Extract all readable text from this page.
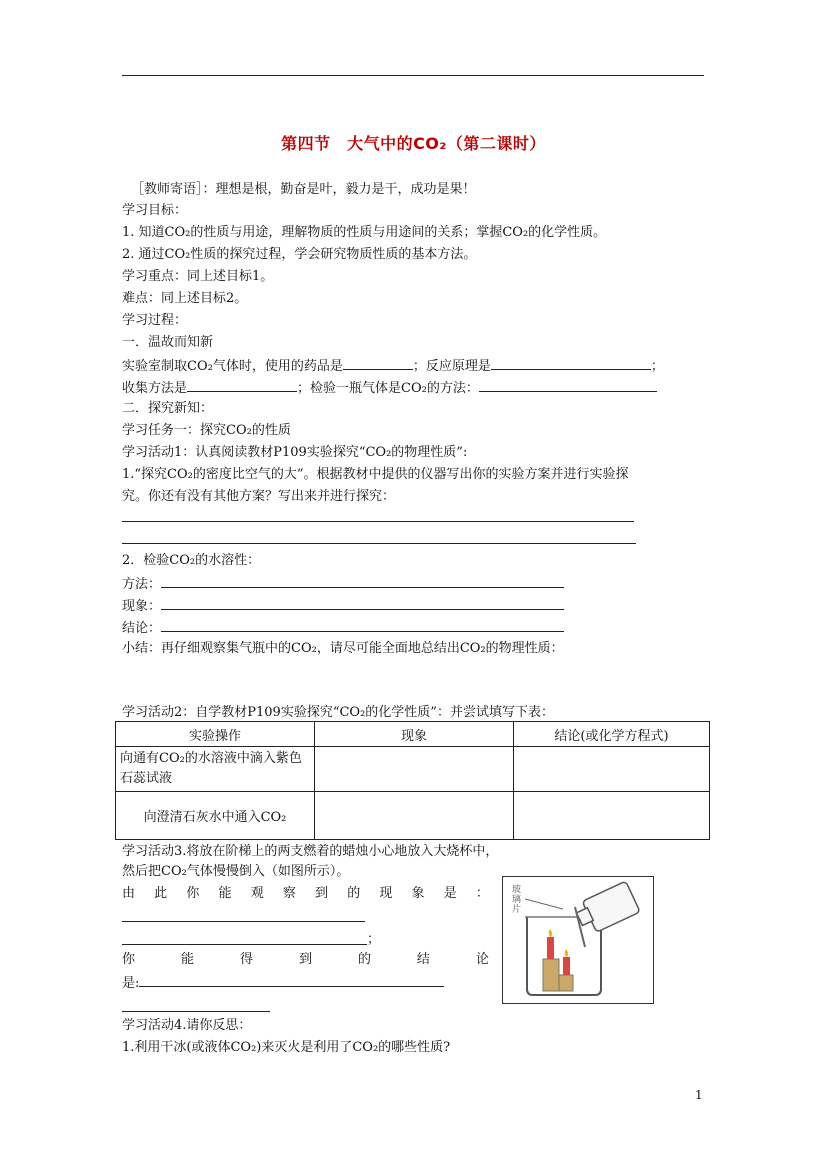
第四节　大气中的CO₂（第二课时）
［教师寄语］：理想是根，勤奋是叶，毅力是干，成功是果！
学习目标：
1. 知道CO₂的性质与用途，理解物质的性质与用途间的关系；掌握CO₂的化学性质。
2. 通过CO₂性质的探究过程，学会研究物质性质的基本方法。
学习重点：同上述目标1。
难点：同上述目标2。
学习过程：
一．温故而知新
实验室制取CO₂气体时，使用的药品是	；反应原理是	；
收集方法是	；检验一瓶气体是CO₂的方法：
二．探究新知：
学习任务一：探究CO₂的性质
学习活动1：认真阅读教材P109实验探究“CO₂的物理性质”:
1.“探究CO₂的密度比空气的大”。根据教材中提供的仪器写出你的实验方案并进行实验探
究。你还有没有其他方案？写出来并进行探究：
2．检验CO₂的水溶性：
方法：
现象：
结论：
小结：再仔细观察集气瓶中的CO₂，请尽可能全面地总结出CO₂的物理性质：
学习活动2：自学教材P109实验探究“CO₂的化学性质”：并尝试填写下表：
实验操作	现象	结论(或化学方程式)
向通有CO₂的水溶液中滴入紫色石蕊试液		
向澄清石灰水中通入CO₂		
学习活动3.将放在阶梯上的两支燃着的蜡烛小心地放入大烧杯中，
然后把CO₂气体慢慢倒入（如图所示）。
由 此 你 能 观 察 到 的 现 象 是 ：
；
你	能	得	到	的	结	论
是:
玻璃片
学习活动4.请你反思：
1.利用干冰(或液体CO₂)来灭火是利用了CO₂的哪些性质?
1
